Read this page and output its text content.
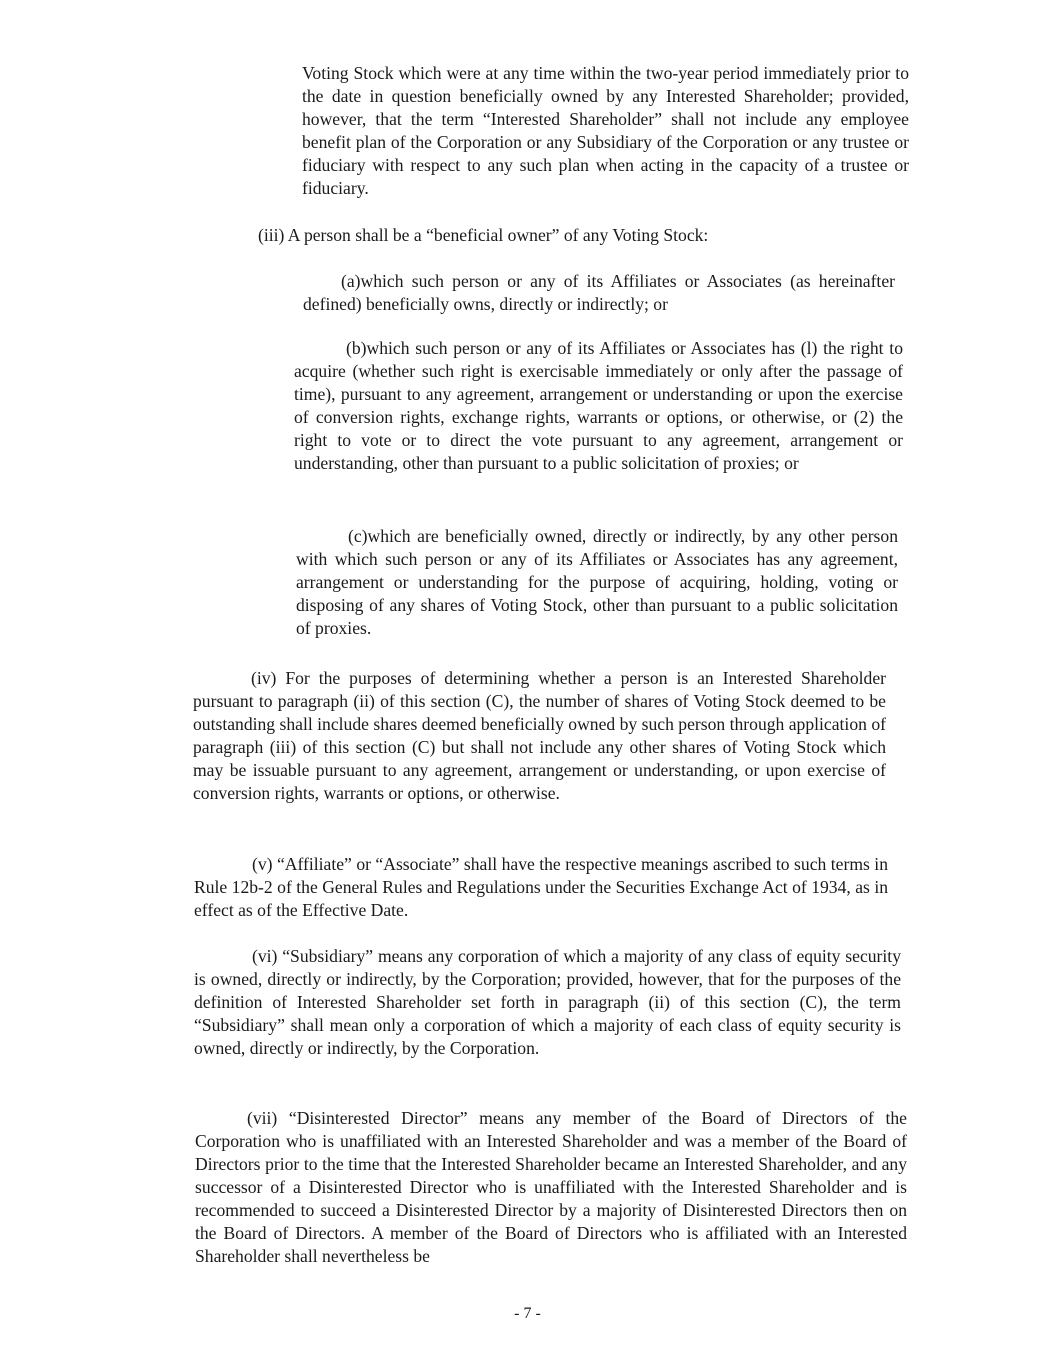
Voting Stock which were at any time within the two-year period immediately prior to the date in question beneficially owned by any Interested Shareholder; provided, however, that the term “Interested Shareholder” shall not include any employee benefit plan of the Corporation or any Subsidiary of the Corporation or any trustee or fiduciary with respect to any such plan when acting in the capacity of a trustee or fiduciary.

(iii) A person shall be a “beneficial owner” of any Voting Stock:

(a)which such person or any of its Affiliates or Associates (as hereinafter defined) beneficially owns, directly or indirectly; or

(b)which such person or any of its Affiliates or Associates has (l) the right to acquire (whether such right is exercisable immediately or only after the passage of time), pursuant to any agreement, arrangement or understanding or upon the exercise of conversion rights, exchange rights, warrants or options, or otherwise, or (2) the right to vote or to direct the vote pursuant to any agreement, arrangement or understanding, other than pursuant to a public solicitation of proxies; or

(c)which are beneficially owned, directly or indirectly, by any other person with which such person or any of its Affiliates or Associates has any agreement, arrangement or understanding for the purpose of acquiring, holding, voting or disposing of any shares of Voting Stock, other than pursuant to a public solicitation of proxies.

(iv) For the purposes of determining whether a person is an Interested Shareholder pursuant to paragraph (ii) of this section (C), the number of shares of Voting Stock deemed to be outstanding shall include shares deemed beneficially owned by such person through application of paragraph (iii) of this section (C) but shall not include any other shares of Voting Stock which may be issuable pursuant to any agreement, arrangement or understanding, or upon exercise of conversion rights, warrants or options, or otherwise.

(v) “Affiliate” or “Associate” shall have the respective meanings ascribed to such terms in Rule 12b-2 of the General Rules and Regulations under the Securities Exchange Act of 1934, as in effect as of the Effective Date.

(vi) “Subsidiary” means any corporation of which a majority of any class of equity security is owned, directly or indirectly, by the Corporation; provided, however, that for the purposes of the definition of Interested Shareholder set forth in paragraph (ii) of this section (C), the term “Subsidiary” shall mean only a corporation of which a majority of each class of equity security is owned, directly or indirectly, by the Corporation.

(vii) “Disinterested Director” means any member of the Board of Directors of the Corporation who is unaffiliated with an Interested Shareholder and was a member of the Board of Directors prior to the time that the Interested Shareholder became an Interested Shareholder, and any successor of a Disinterested Director who is unaffiliated with the Interested Shareholder and is recommended to succeed a Disinterested Director by a majority of Disinterested Directors then on the Board of Directors. A member of the Board of Directors who is affiliated with an Interested Shareholder shall nevertheless be

- 7 -
